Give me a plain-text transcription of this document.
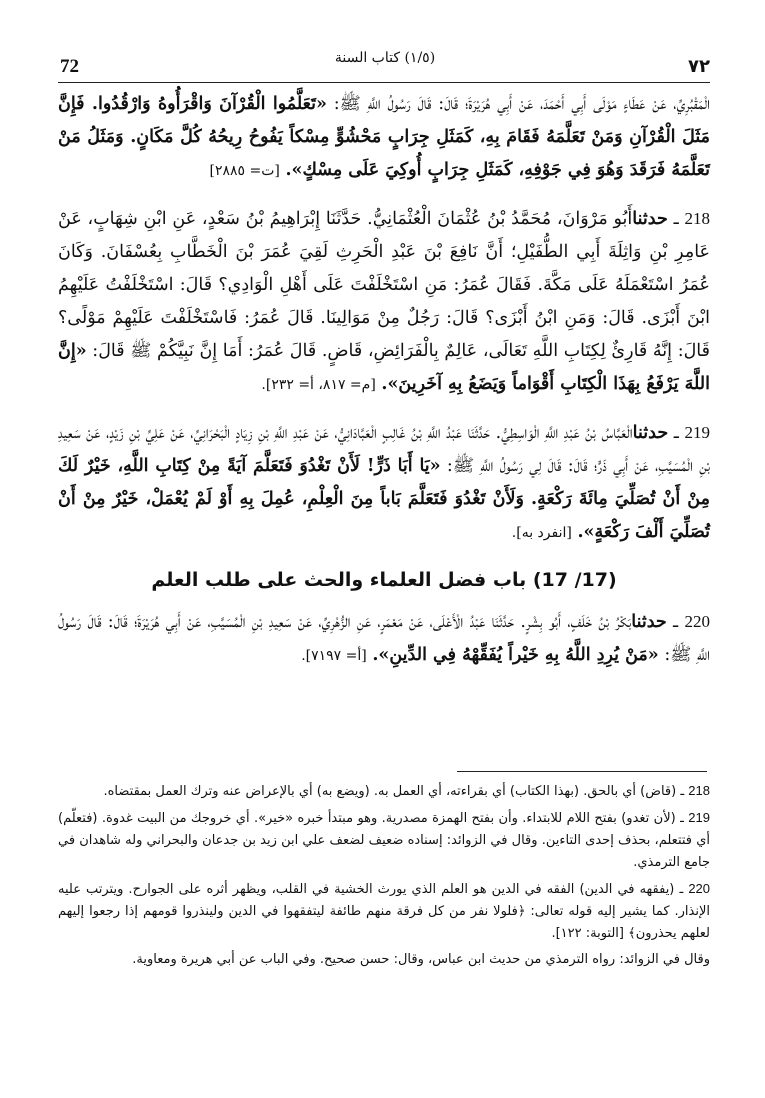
72	(١/٥) كتاب السنة	٧٢

الْمَقْبُرِيِّ، عَنْ عَطَاءٍ مَوْلَى أَبِي أَحْمَدَ، عَنْ أَبِي هُرَيْرَةَ؛ قَالَ: قَالَ رَسُولُ اللَّهِ ﷺ: «تَعَلَّمُوا الْقُرْآنَ وَاقْرَأُوهُ وَارْقُدُوا. فَإِنَّ مَثَلَ الْقُرْآنِ وَمَنْ تَعَلَّمَهُ فَقَامَ بِهِ، كَمَثَلِ جِرَابٍ مَحْشُوٍّ مِسْكاً يَفُوحُ رِيحُهُ كُلَّ مَكَانٍ. وَمَثَلُ مَنْ تَعَلَّمَهُ فَرَقَدَ وَهُوَ فِي جَوْفِهِ، كَمَثَلِ جِرَابٍ أُوكِيَ عَلَى مِسْكٍ». [ت= ٢٨٨٥]

218 ـ حدثناأَبُو مَرْوَانَ، مُحَمَّدُ بْنُ عُثْمَانَ الْعُثْمَانِيُّ. حَدَّثَنَا إِبْرَاهِيمُ بْنُ سَعْدٍ، عَنِ ابْنِ شِهَابٍ، عَنْ عَامِرِ بْنِ وَاثِلَةَ أَبِي الطُّفَيْلِ؛ أَنَّ نَافِعَ بْنَ عَبْدِ الْحَرِثِ لَقِيَ عُمَرَ بْنَ الْخَطَّابِ بِعُسْفَانَ. وَكَانَ عُمَرُ اسْتَعْمَلَهُ عَلَى مَكَّةَ. فَقَالَ عُمَرُ: مَنِ اسْتَخْلَفْتَ عَلَى أَهْلِ الْوَادِي؟ قَالَ: اسْتَخْلَفْتُ عَلَيْهِمُ ابْنَ أَبْزَى. قَالَ: وَمَنِ ابْنُ أَبْزَى؟ قَالَ: رَجُلٌ مِنْ مَوَالِينَا. قَالَ عُمَرُ: فَاسْتَخْلَفْتَ عَلَيْهِمْ مَوْلًى؟ قَالَ: إِنَّهُ قَارِئٌ لِكِتَابِ اللَّهِ تَعَالَى، عَالِمٌ بِالْفَرَائِضِ، قَاضٍ. قَالَ عُمَرُ: أَمَا إِنَّ نَبِيَّكُمْ ﷺ قَالَ: «إِنَّ اللَّهَ يَرْفَعُ بِهَذَا الْكِتَابِ أَقْوَاماً وَيَضَعُ بِهِ آخَرِينَ». [م= ٨١٧، أ= ٢٣٢].

219 ـ حدثناالْعَبَّاسُ بْنُ عَبْدِ اللَّهِ الْوَاسِطِيُّ. حَدَّثَنَا عَبْدُ اللَّهِ بْنُ غَالِبٍ الْعَبَّادَانِيُّ، عَنْ عَبْدِ اللَّهِ بْنِ زِيَادٍ الْبَحْرَانِيِّ، عَنْ عَلِيِّ بْنِ زَيْدٍ، عَنْ سَعِيدِ بْنِ الْمُسَيَّبِ، عَنْ أَبِي ذَرٍّ؛ قَالَ: قَالَ لِي رَسُولُ اللَّهِ ﷺ: «يَا أَبَا ذَرٍّ! لَأَنْ تَغْدُوَ فَتَعَلَّمَ آيَةً مِنْ كِتَابِ اللَّهِ، خَيْرٌ لَكَ مِنْ أَنْ تُصَلِّيَ مِائَةَ رَكْعَةٍ. وَلَأَنْ تَغْدُوَ فَتَعَلَّمَ بَاباً مِنَ الْعِلْمِ، عُمِلَ بِهِ أَوْ لَمْ يُعْمَلْ، خَيْرٌ مِنْ أَنْ تُصَلِّيَ أَلْفَ رَكْعَةٍ». [انفرد به].

(17/ 17) باب فضل العلماء والحث على طلب العلم

220 ـ حدثنابَكْرُ بْنُ خَلَفٍ، أَبُو بِشْرٍ. حَدَّثَنَا عَبْدُ الْأَعْلَى، عَنْ مَعْمَرٍ، عَنِ الزُّهْرِيِّ، عَنْ سَعِيدِ بْنِ الْمُسَيَّبِ، عَنْ أَبِي هُرَيْرَةَ؛ قَالَ: قَالَ رَسُولُ اللَّهِ ﷺ: «مَنْ يُرِدِ اللَّهُ بِهِ خَيْراً يُفَقِّهْهُ فِي الدِّينِ». [أ= ٧١٩٧].

218 ـ (قاض) أي بالحق. (بهذا الكتاب) أي بقراءته، أي العمل به. (ويضع به) أي بالإعراض عنه وترك العمل بمقتضاه.
219 ـ (لأن تغدو) بفتح اللام للابتداء. وأن بفتح الهمزة مصدرية. وهو مبتدأ خبره «خير». أي خروجك من البيت غدوة. (فتعلّم) أي فتتعلم، بحذف إحدى التاءين. وقال في الزوائد: إسناده ضعيف لضعف علي ابن زيد بن جدعان والبحراني وله شاهدان في جامع الترمذي.
220 ـ (يفقهه في الدين) الفقه في الدين هو العلم الذي يورث الخشية في القلب، ويظهر أثره على الجوارح. ويترتب عليه الإنذار. كما يشير إليه قوله تعالى: ﴿فلولا نفر من كل فرقة منهم طائفة ليتفقهوا في الدين ولينذروا قومهم إذا رجعوا إليهم لعلهم يحذرون﴾ [التوبة: ١٢٢].
وقال في الزوائد: رواه الترمذي من حديث ابن عباس، وقال: حسن صحيح. وفي الباب عن أبي هريرة ومعاوية.
